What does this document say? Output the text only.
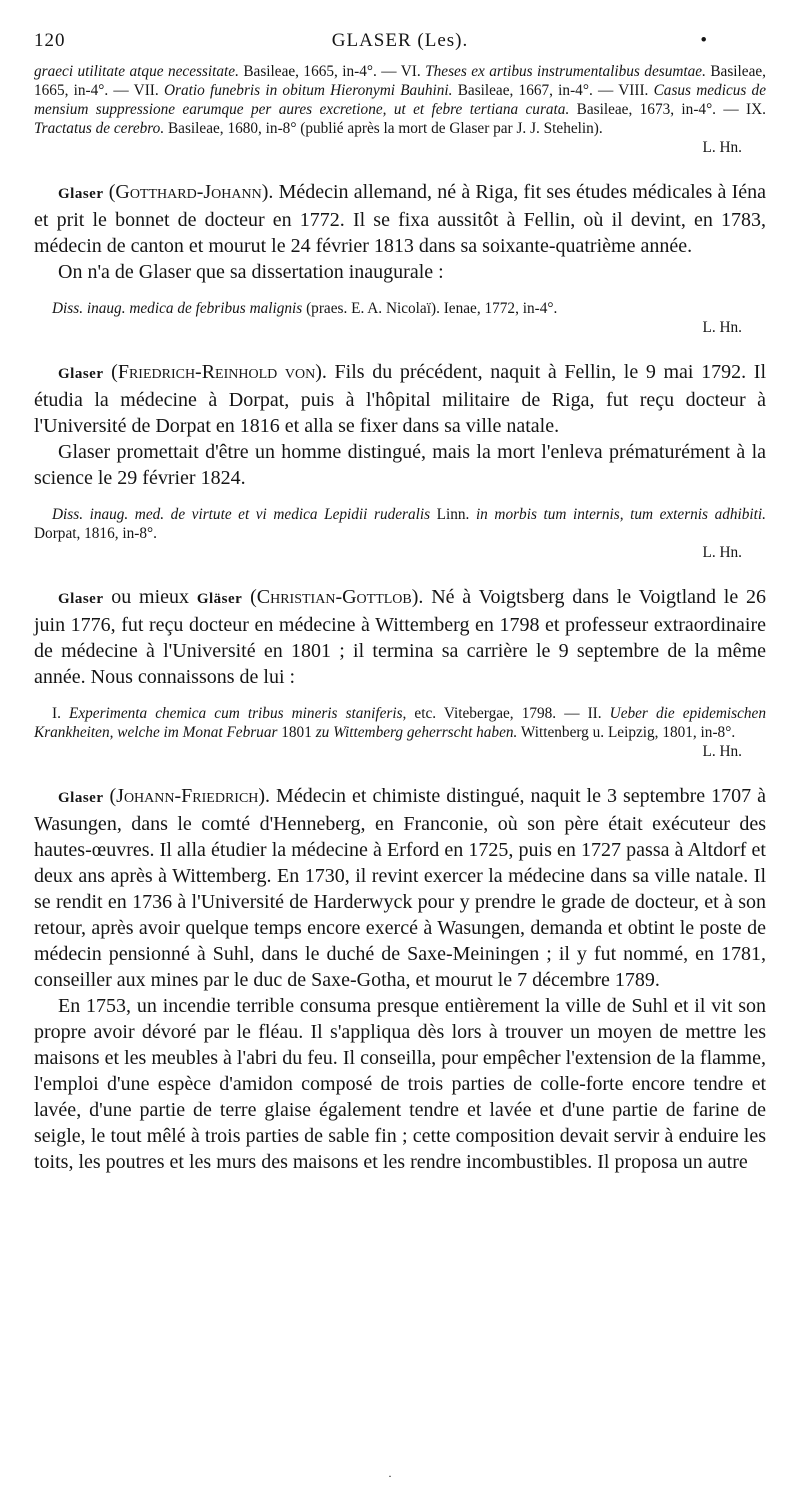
120	GLASER (Les).	•

graeci utilitate atque necessitate. Basileae, 1665, in-4°. — VI. Theses ex artibus instrumentalibus desumtae. Basileae, 1665, in-4°. — VII. Oratio funebris in obitum Hieronymi Bauhini. Basileae, 1667, in-4°. — VIII. Casus medicus de mensium suppressione earumque per aures excretione, ut et febre tertiana curata. Basileae, 1673, in-4°. — IX. Tractatus de cerebro. Basileae, 1680, in-8° (publié après la mort de Glaser par J. J. Stehelin).

L. Hn.

Glaser (Gotthard-Johann). Médecin allemand, né à Riga, fit ses études médicales à Iéna et prit le bonnet de docteur en 1772. Il se fixa aussitôt à Fellin, où il devint, en 1783, médecin de canton et mourut le 24 février 1813 dans sa soixante-quatrième année.

On n'a de Glaser que sa dissertation inaugurale :

Diss. inaug. medica de febribus malignis (praes. E. A. Nicolaï). Ienae, 1772, in-4°.

L. Hn.

Glaser (Friedrich-Reinhold von). Fils du précédent, naquit à Fellin, le 9 mai 1792. Il étudia la médecine à Dorpat, puis à l'hôpital militaire de Riga, fut reçu docteur à l'Université de Dorpat en 1816 et alla se fixer dans sa ville natale.

Glaser promettait d'être un homme distingué, mais la mort l'enleva prématurément à la science le 29 février 1824.

Diss. inaug. med. de virtute et vi medica Lepidii ruderalis Linn. in morbis tum internis, tum externis adhibiti. Dorpat, 1816, in-8°.

L. Hn.

Glaser ou mieux Gläser (Christian-Gottlob). Né à Voigtsberg dans le Voigtland le 26 juin 1776, fut reçu docteur en médecine à Wittemberg en 1798 et professeur extraordinaire de médecine à l'Université en 1801 ; il termina sa carrière le 9 septembre de la même année. Nous connaissons de lui :

I. Experimenta chemica cum tribus mineris staniferis, etc. Vitebergae, 1798. — II. Ueber die epidemischen Krankheiten, welche im Monat Februar 1801 zu Wittemberg geherrscht haben. Wittenberg u. Leipzig, 1801, in-8°.

L. Hn.

Glaser (Johann-Friedrich). Médecin et chimiste distingué, naquit le 3 septembre 1707 à Wasungen, dans le comté d'Henneberg, en Franconie, où son père était exécuteur des hautes-œuvres. Il alla étudier la médecine à Erford en 1725, puis en 1727 passa à Altdorf et deux ans après à Wittemberg. En 1730, il revint exercer la médecine dans sa ville natale. Il se rendit en 1736 à l'Université de Harderwyck pour y prendre le grade de docteur, et à son retour, après avoir quelque temps encore exercé à Wasungen, demanda et obtint le poste de médecin pensionné à Suhl, dans le duché de Saxe-Meiningen ; il y fut nommé, en 1781, conseiller aux mines par le duc de Saxe-Gotha, et mourut le 7 décembre 1789.

En 1753, un incendie terrible consuma presque entièrement la ville de Suhl et il vit son propre avoir dévoré par le fléau. Il s'appliqua dès lors à trouver un moyen de mettre les maisons et les meubles à l'abri du feu. Il conseilla, pour empêcher l'extension de la flamme, l'emploi d'une espèce d'amidon composé de trois parties de colle-forte encore tendre et lavée, d'une partie de terre glaise également tendre et lavée et d'une partie de farine de seigle, le tout mêlé à trois parties de sable fin ; cette composition devait servir à enduire les toits, les poutres et les murs des maisons et les rendre incombustibles. Il proposa un autre

·
